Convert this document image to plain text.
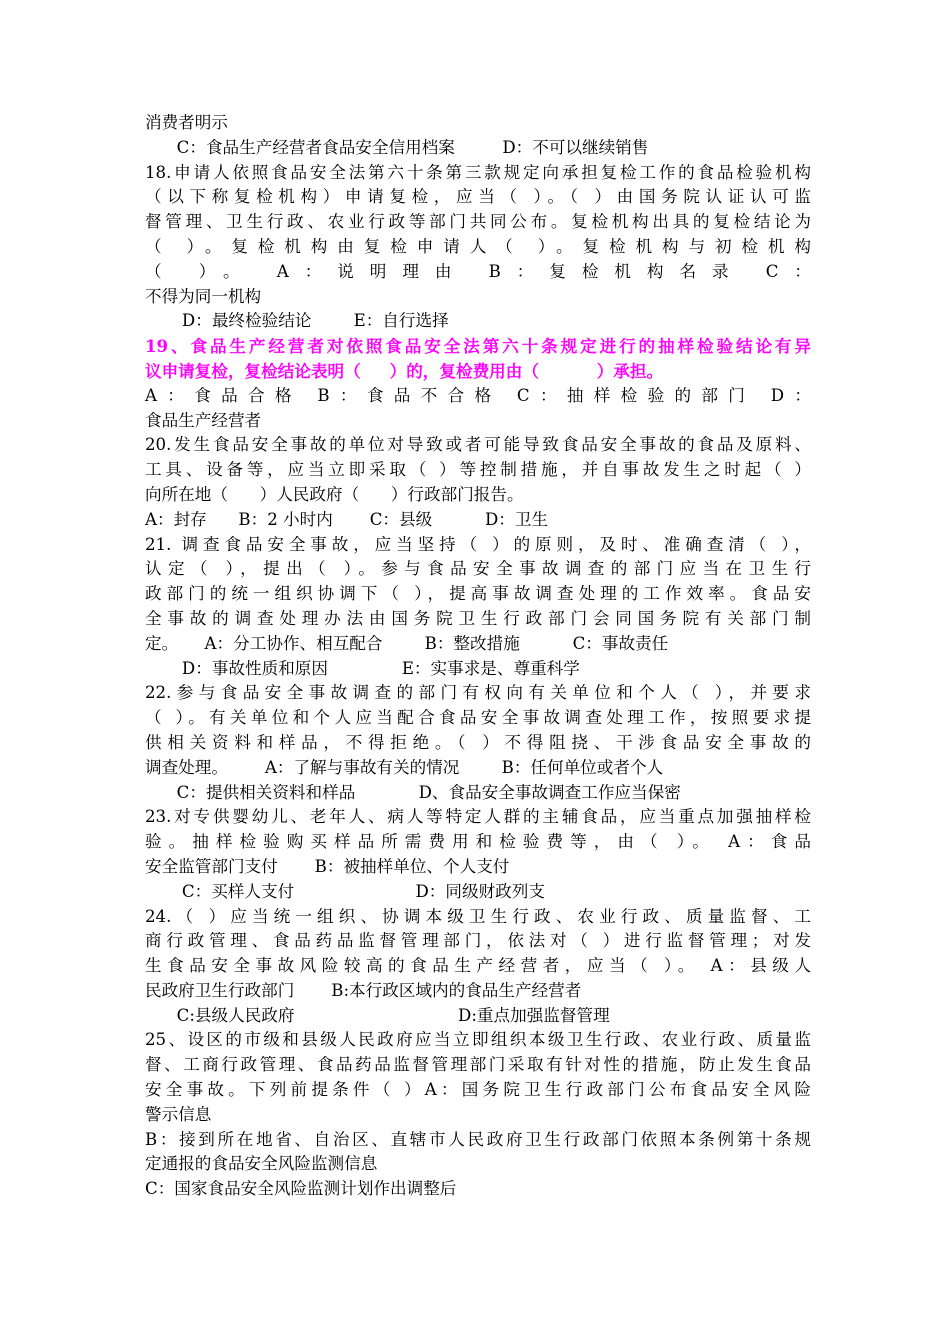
消费者明示
C：食品生产经营者食品安全信用档案         D：不可以继续销售
18.申请人依照食品安全法第六十条第三款规定向承担复检工作的食品检验机构
（以下称复检机构）申请复检，应当（ ）。（ ）由国务院认证认可监
督管理、卫生行政、农业行政等部门共同公布。复检机构出具的复检结论为
（ ）。复检机构由复检申请人（ ）。复检机构与初检机构
（ ）。 A：说明理由 B：复检机构名录 C：
不得为同一机构
D：最终检验结论        E：自行选择
19、食品生产经营者对依照食品安全法第六十条规定进行的抽样检验结论有异
议申请复检，复检结论表明（     ）的，复检费用由（          ）承担。
A：食品合格 B：食品不合格 C：抽样检验的部门 D：
食品生产经营者
20.发生食品安全事故的单位对导致或者可能导致食品安全事故的食品及原料、
工具、设备等，应当立即采取（ ）等控制措施，并自事故发生之时起（ ）
向所在地（      ）人民政府（      ）行政部门报告。
A：封存      B：2 小时内       C：县级          D：卫生
21. 调查食品安全事故，应当坚持（ ）的原则，及时、准确查清（ ），
认定（ ），提出（ ）。参与食品安全事故调查的部门应当在卫生行
政部门的统一组织协调下（ ），提高事故调查处理的工作效率。食品安
全事故的调查处理办法由国务院卫生行政部门会同国务院有关部门制
定。     A：分工协作、相互配合        B：整改措施          C：事故责任
D：事故性质和原因              E：实事求是、尊重科学
22.参与食品安全事故调查的部门有权向有关单位和个人（ ），并要求
（ ）。有关单位和个人应当配合食品安全事故调查处理工作，按照要求提
供相关资料和样品，不得拒绝。（ ）不得阻挠、干涉食品安全事故的
调查处理。       A：了解与事故有关的情况        B：任何单位或者个人
C：提供相关资料和样品            D、食品安全事故调查工作应当保密
23.对专供婴幼儿、老年人、病人等特定人群的主辅食品，应当重点加强抽样检
验。抽样检验购买样品所需费用和检验费等，由（ ）。 A：食品
安全监管部门支付       B：被抽样单位、个人支付
C：买样人支付                       D：同级财政列支
24.（ ）应当统一组织、协调本级卫生行政、农业行政、质量监督、工
商行政管理、食品药品监督管理部门，依法对（ ）进行监督管理；对发
生食品安全事故风险较高的食品生产经营者，应当（ ）。 A：县级人
民政府卫生行政部门       B:本行政区域内的食品生产经营者
C:县级人民政府                               D:重点加强监督管理
25、设区的市级和县级人民政府应当立即组织本级卫生行政、农业行政、质量监
督、工商行政管理、食品药品监督管理部门采取有针对性的措施，防止发生食品
安全事故。下列前提条件（ ）A：国务院卫生行政部门公布食品安全风险
警示信息
B：接到所在地省、自治区、直辖市人民政府卫生行政部门依照本条例第十条规
定通报的食品安全风险监测信息
C：国家食品安全风险监测计划作出调整后
